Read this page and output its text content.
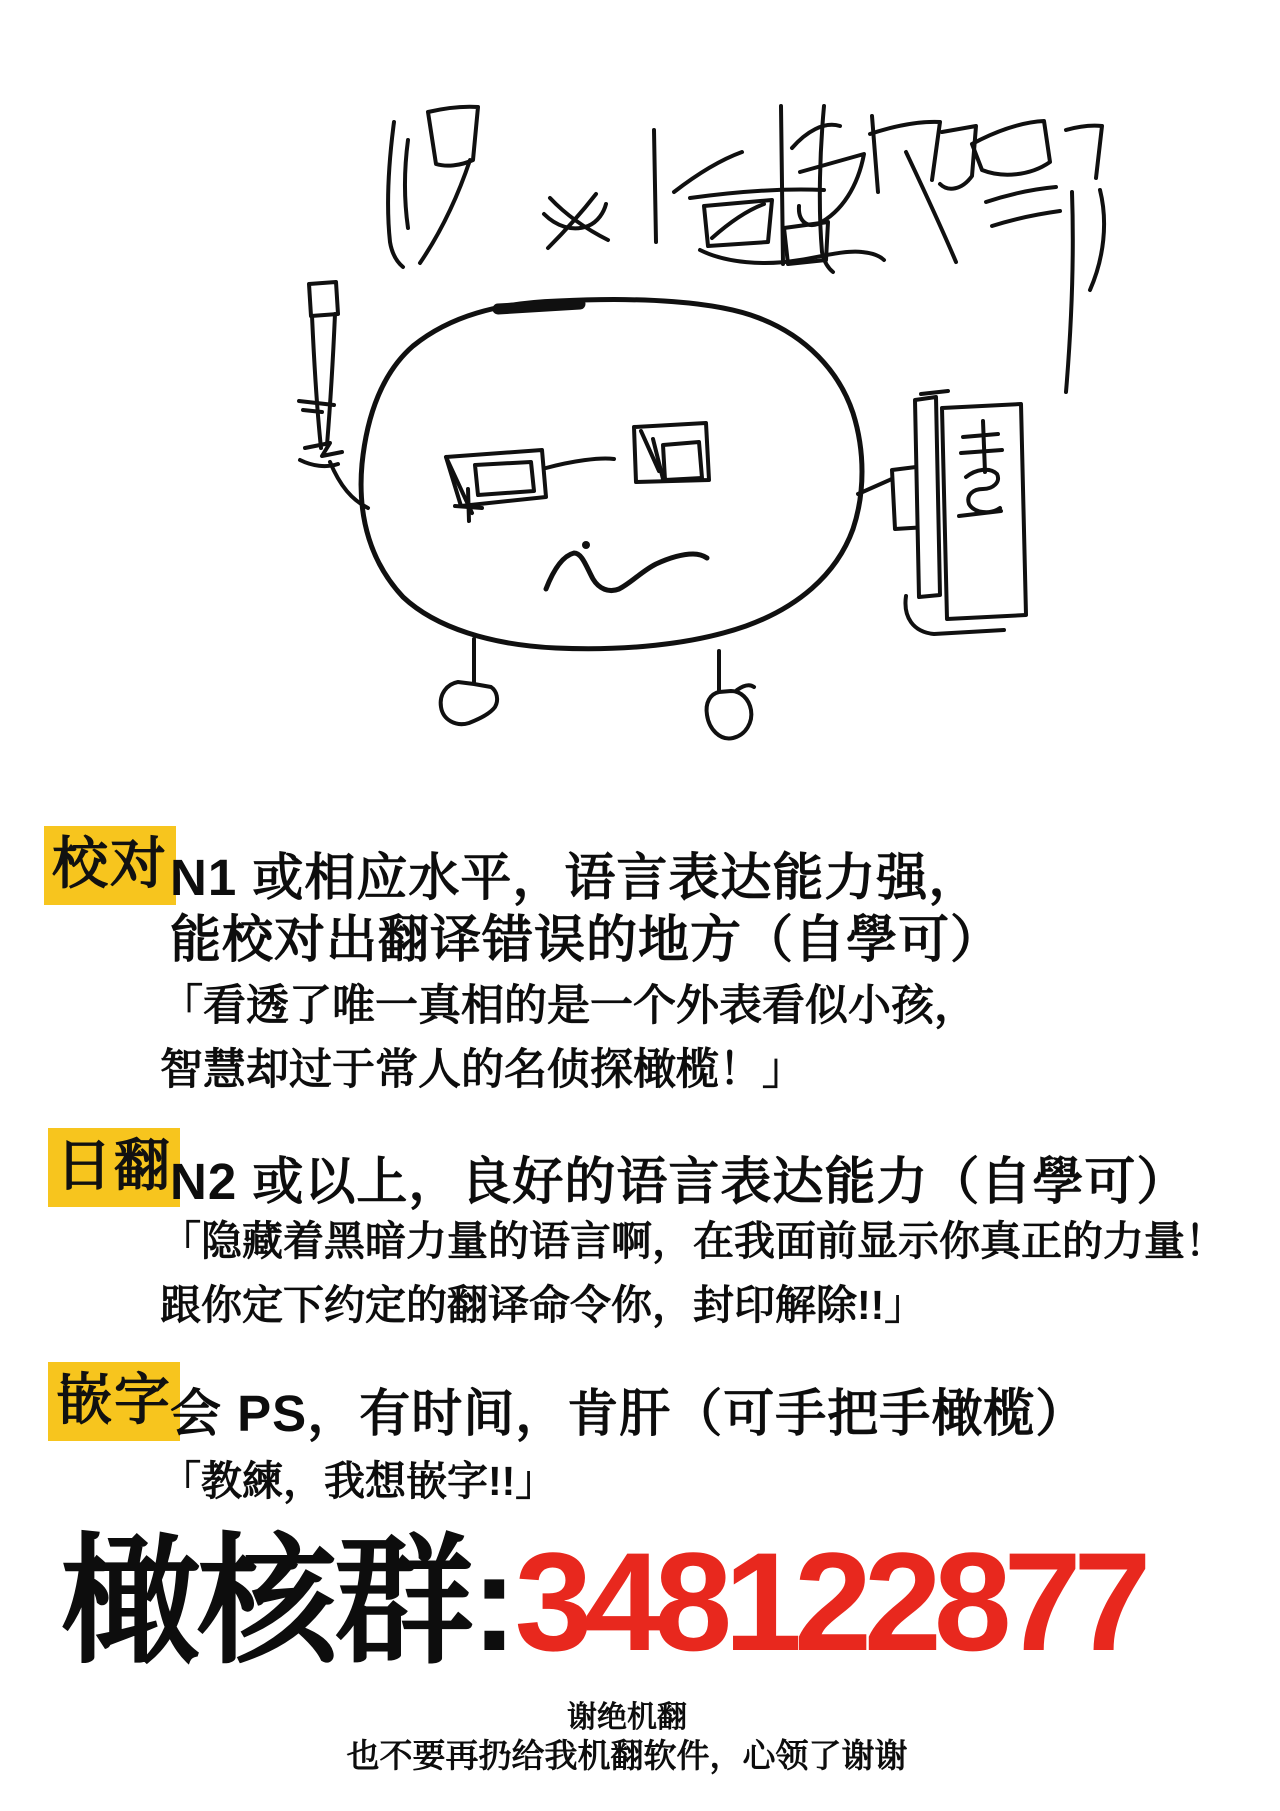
校对 N1 或相应水平，语言表达能力强，
能校对出翻译错误的地方（自學可）
「看透了唯一真相的是一个外表看似小孩，
智慧却过于常人的名侦探橄榄！」
日翻
N2 或以上，良好的语言表达能力（自學可）
「隐藏着黑暗力量的语言啊，在我面前显示你真正的力量！
跟你定下约定的翻译命令你，封印解除!!」
嵌字
会 PS，有时间，肯肝（可手把手橄榄）
「教練，我想嵌字!!」
橄核群:348122877
谢绝机翻
也不要再扔给我机翻软件，心领了谢谢
